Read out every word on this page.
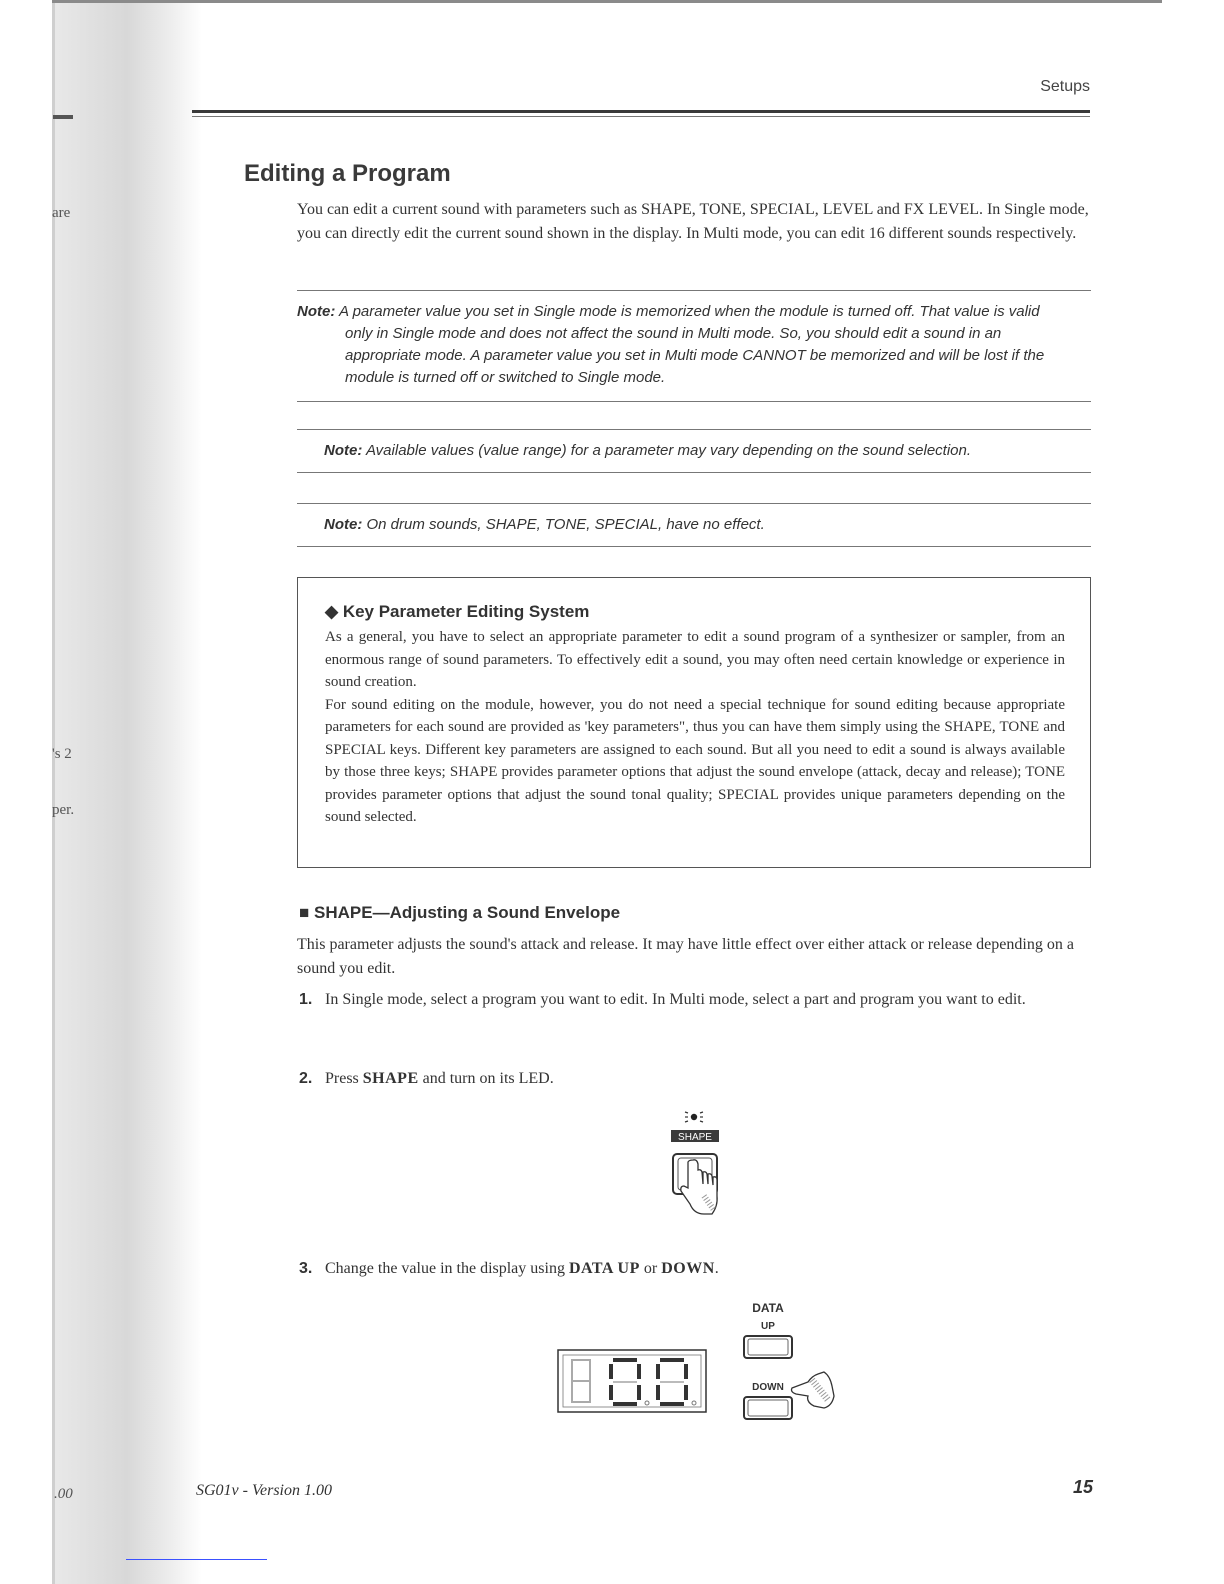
are
's 2
per.
.00
Setups
Editing a Program
You can edit a current sound with parameters such as SHAPE, TONE, SPECIAL, LEVEL and FX LEVEL. In Single mode, you can directly edit the current sound shown in the display. In Multi mode, you can edit 16 different sounds respectively.
Note: A parameter value you set in Single mode is memorized when the module is turned off. That value is valid only in Single mode and does not affect the sound in Multi mode. So, you should edit a sound in an appropriate mode. A parameter value you set in Multi mode CANNOT be memorized and will be lost if the module is turned off or switched to Single mode.
Note: Available values (value range) for a parameter may vary depending on the sound selection.
Note: On drum sounds, SHAPE, TONE, SPECIAL, have no effect.
◆ Key Parameter Editing System
As a general, you have to select an appropriate parameter to edit a sound program of a synthesizer or sampler, from an enormous range of sound parameters. To effectively edit a sound, you may often need certain knowledge or experience in sound creation.
For sound editing on the module, however, you do not need a special technique for sound editing because appropriate parameters for each sound are provided as 'key parameters", thus you can have them simply using the SHAPE, TONE and SPECIAL keys. Different key parameters are assigned to each sound. But all you need to edit a sound is always available by those three keys; SHAPE provides parameter options that adjust the sound envelope (attack, decay and release); TONE provides parameter options that adjust the sound tonal quality; SPECIAL provides unique parameters depending on the sound selected.
■ SHAPE—Adjusting a Sound Envelope
This parameter adjusts the sound's attack and release. It may have little effect over either attack or release depending on a sound you edit.
1. In Single mode, select a program you want to edit. In Multi mode, select a part and program you want to edit.
2. Press SHAPE and turn on its LED.
SHAPE
3. Change the value in the display using DATA UP or DOWN.
DATA
UP
DOWN
SG01v - Version 1.00	15
